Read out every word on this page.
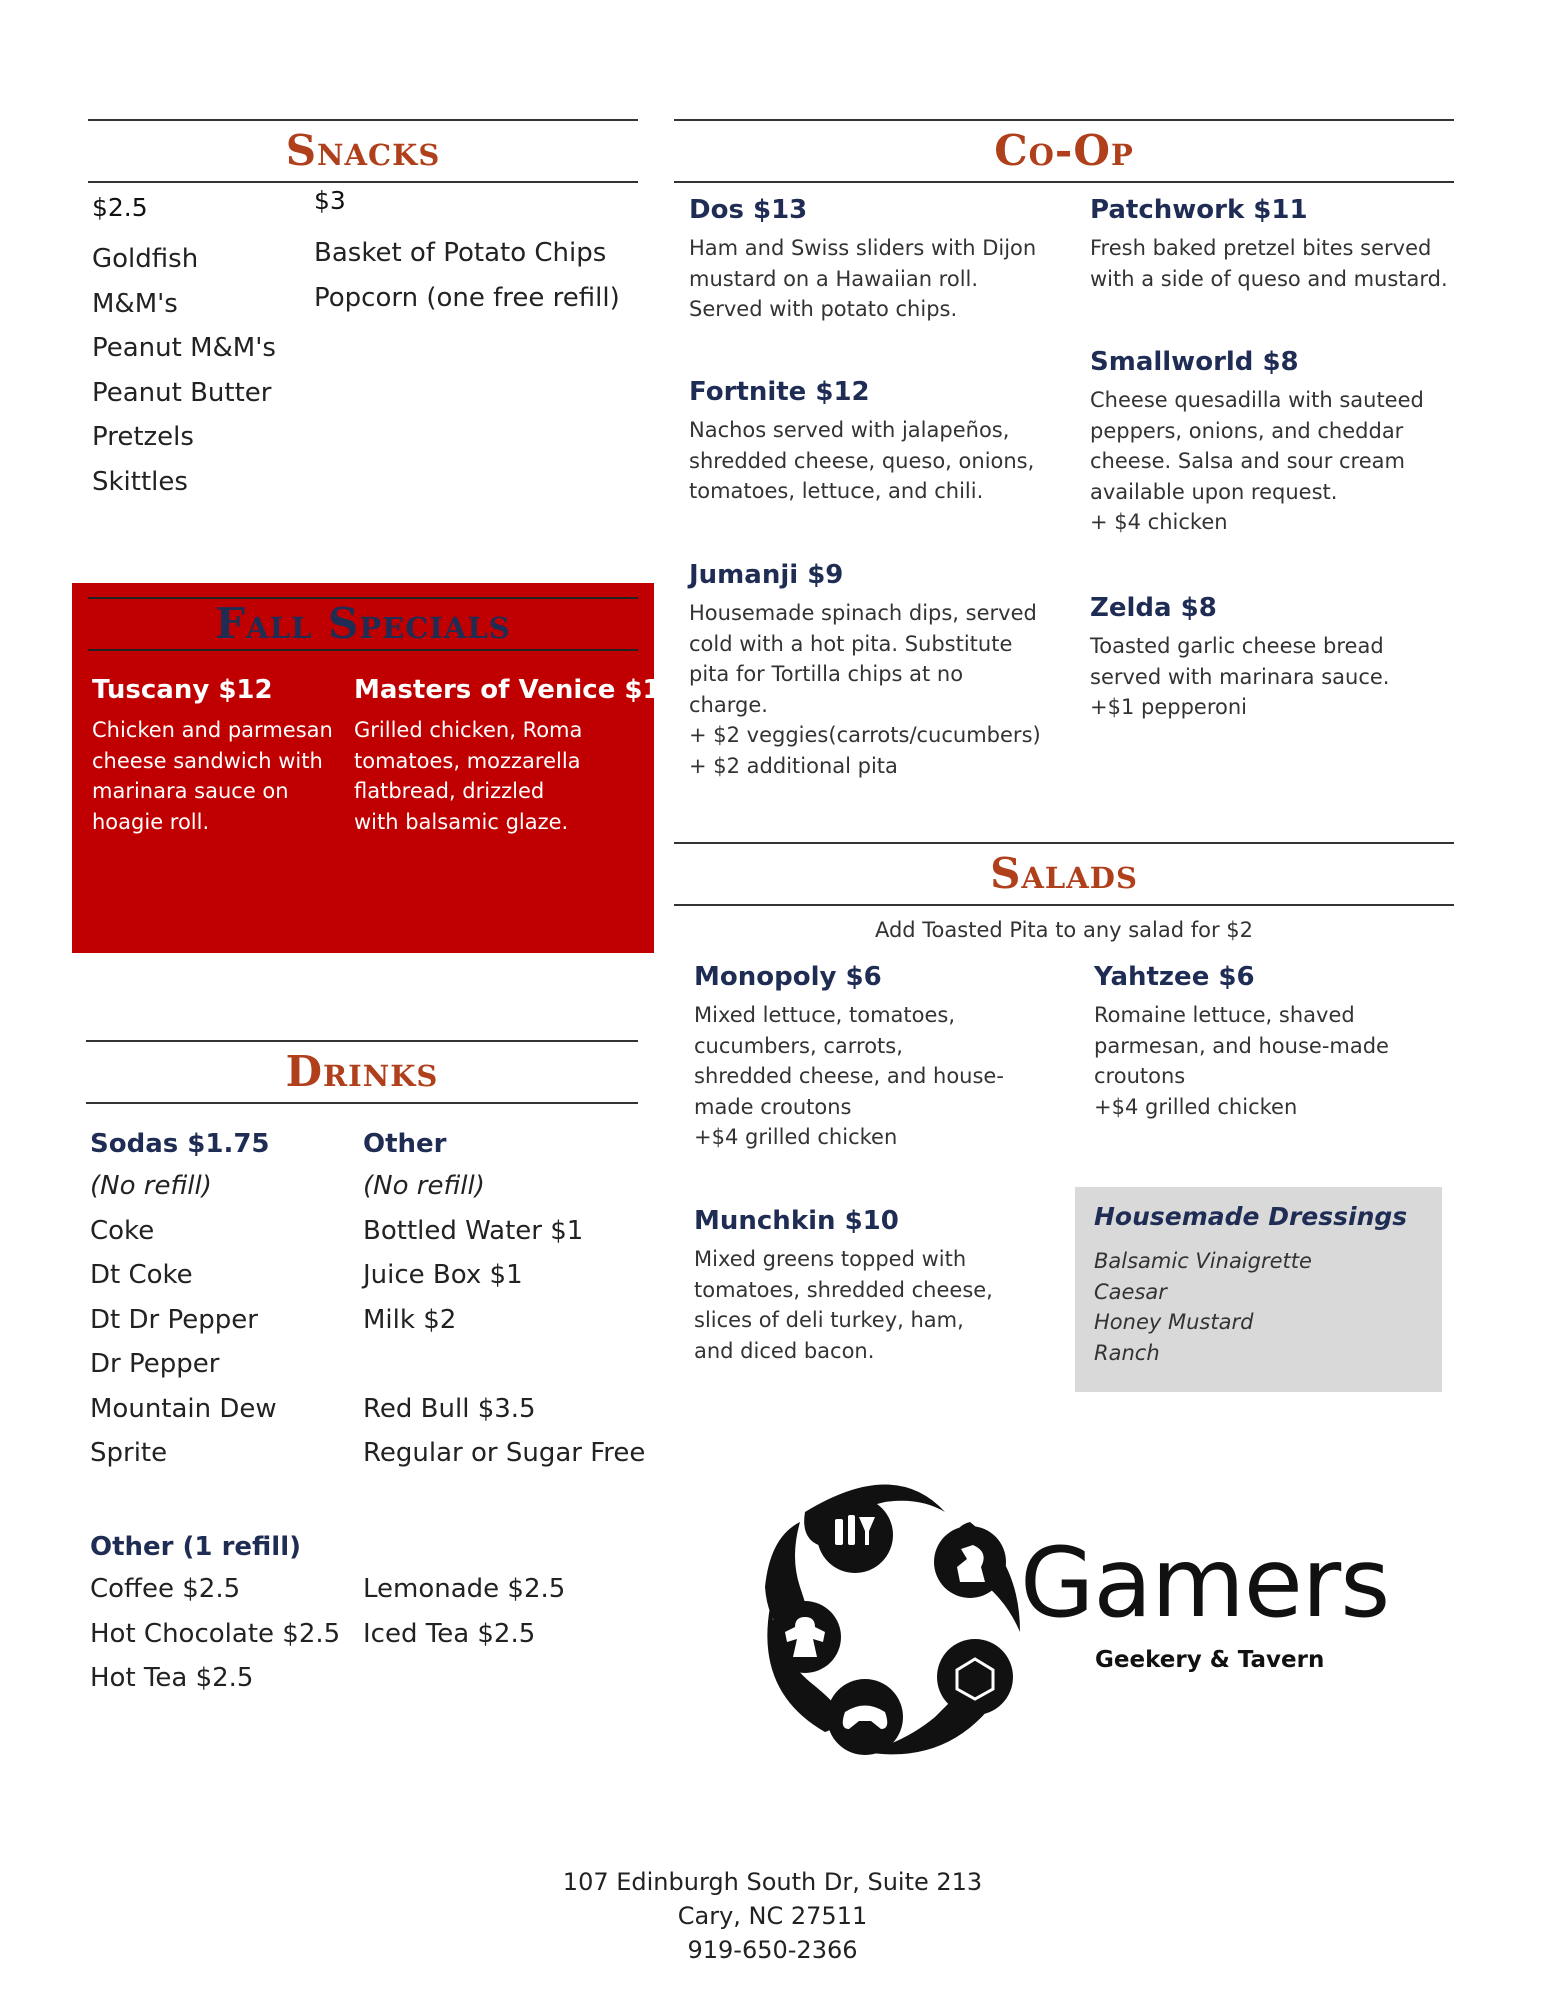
Snacks
$2.5	$3
Goldfish
M&M's
Peanut M&M's
Peanut Butter
Pretzels
Skittles
Basket of Potato Chips
Popcorn (one free refill)
Fall Specials
Tuscany $12
Chicken and parmesan cheese sandwich with marinara sauce on hoagie roll.
Masters of Venice $12
Grilled chicken, Roma tomatoes, mozzarella flatbread, drizzled with balsamic glaze.
Drinks
Sodas $1.75
(No refill)
Coke
Dt Coke
Dt Dr Pepper
Dr Pepper
Mountain Dew
Sprite
Other
(No refill)
Bottled Water $1
Juice Box $1
Milk $2

Red Bull $3.5
Regular or Sugar Free
Other (1 refill)
Coffee $2.5
Hot Chocolate $2.5
Hot Tea $2.5
Lemonade $2.5
Iced Tea $2.5
Co-Op
Dos $13
Ham and Swiss sliders with Dijon
mustard on a Hawaiian roll.
Served with potato chips.
Fortnite $12
Nachos served with jalapeños,
shredded cheese, queso, onions,
tomatoes, lettuce, and chili.
Jumanji $9
Housemade spinach dips, served
cold with a hot pita. Substitute
pita for Tortilla chips at no
charge.
+ $2 veggies(carrots/cucumbers)
+ $2 additional pita
Patchwork $11
Fresh baked pretzel bites served
with a side of queso and mustard.
Smallworld $8
Cheese quesadilla with sauteed
peppers, onions, and cheddar
cheese. Salsa and sour cream
available upon request.
+ $4 chicken
Zelda $8
Toasted garlic cheese bread
served with marinara sauce.
+$1 pepperoni
Salads
Add Toasted Pita to any salad for $2
Monopoly $6
Mixed lettuce, tomatoes,
cucumbers, carrots,
shredded cheese, and house-
made croutons
+$4 grilled chicken
Munchkin $10
Mixed greens topped with
tomatoes, shredded cheese,
slices of deli turkey, ham,
and diced bacon.
Yahtzee $6
Romaine lettuce, shaved
parmesan, and house-made
croutons
+$4 grilled chicken
Housemade Dressings
Balsamic Vinaigrette
Caesar
Honey Mustard
Ranch
Gamers
Geekery & Tavern
107 Edinburgh South Dr, Suite 213
Cary, NC 27511
919-650-2366
